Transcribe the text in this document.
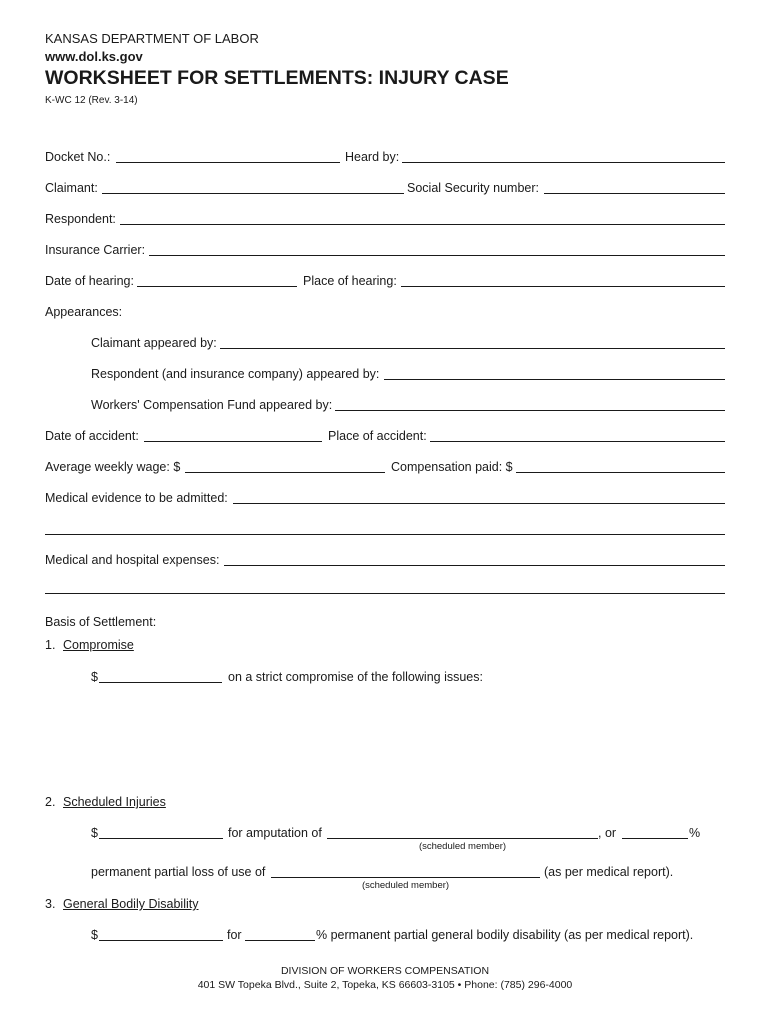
KANSAS DEPARTMENT OF LABOR
www.dol.ks.gov
WORKSHEET FOR SETTLEMENTS: INJURY CASE
K-WC 12 (Rev. 3-14)
Docket No.:	Heard by:
Claimant:	Social Security number:
Respondent:
Insurance Carrier:
Date of hearing:	Place of hearing:
Appearances:
Claimant appeared by:
Respondent (and insurance company) appeared by:
Workers' Compensation Fund appeared by:
Date of accident:	Place of accident:
Average weekly wage: $	Compensation paid: $
Medical evidence to be admitted:
Medical and hospital expenses:
Basis of Settlement:
1. Compromise
$	on a strict compromise of the following issues:
2. Scheduled Injuries
$	for amputation of
(scheduled member)
, or	%
permanent partial loss of use of
(scheduled member)
(as per medical report).
3. General Bodily Disability
$	for	% permanent partial general bodily disability (as per medical report).
DIVISION OF WORKERS COMPENSATION
401 SW Topeka Blvd., Suite 2, Topeka, KS 66603-3105 • Phone: (785) 296-4000
